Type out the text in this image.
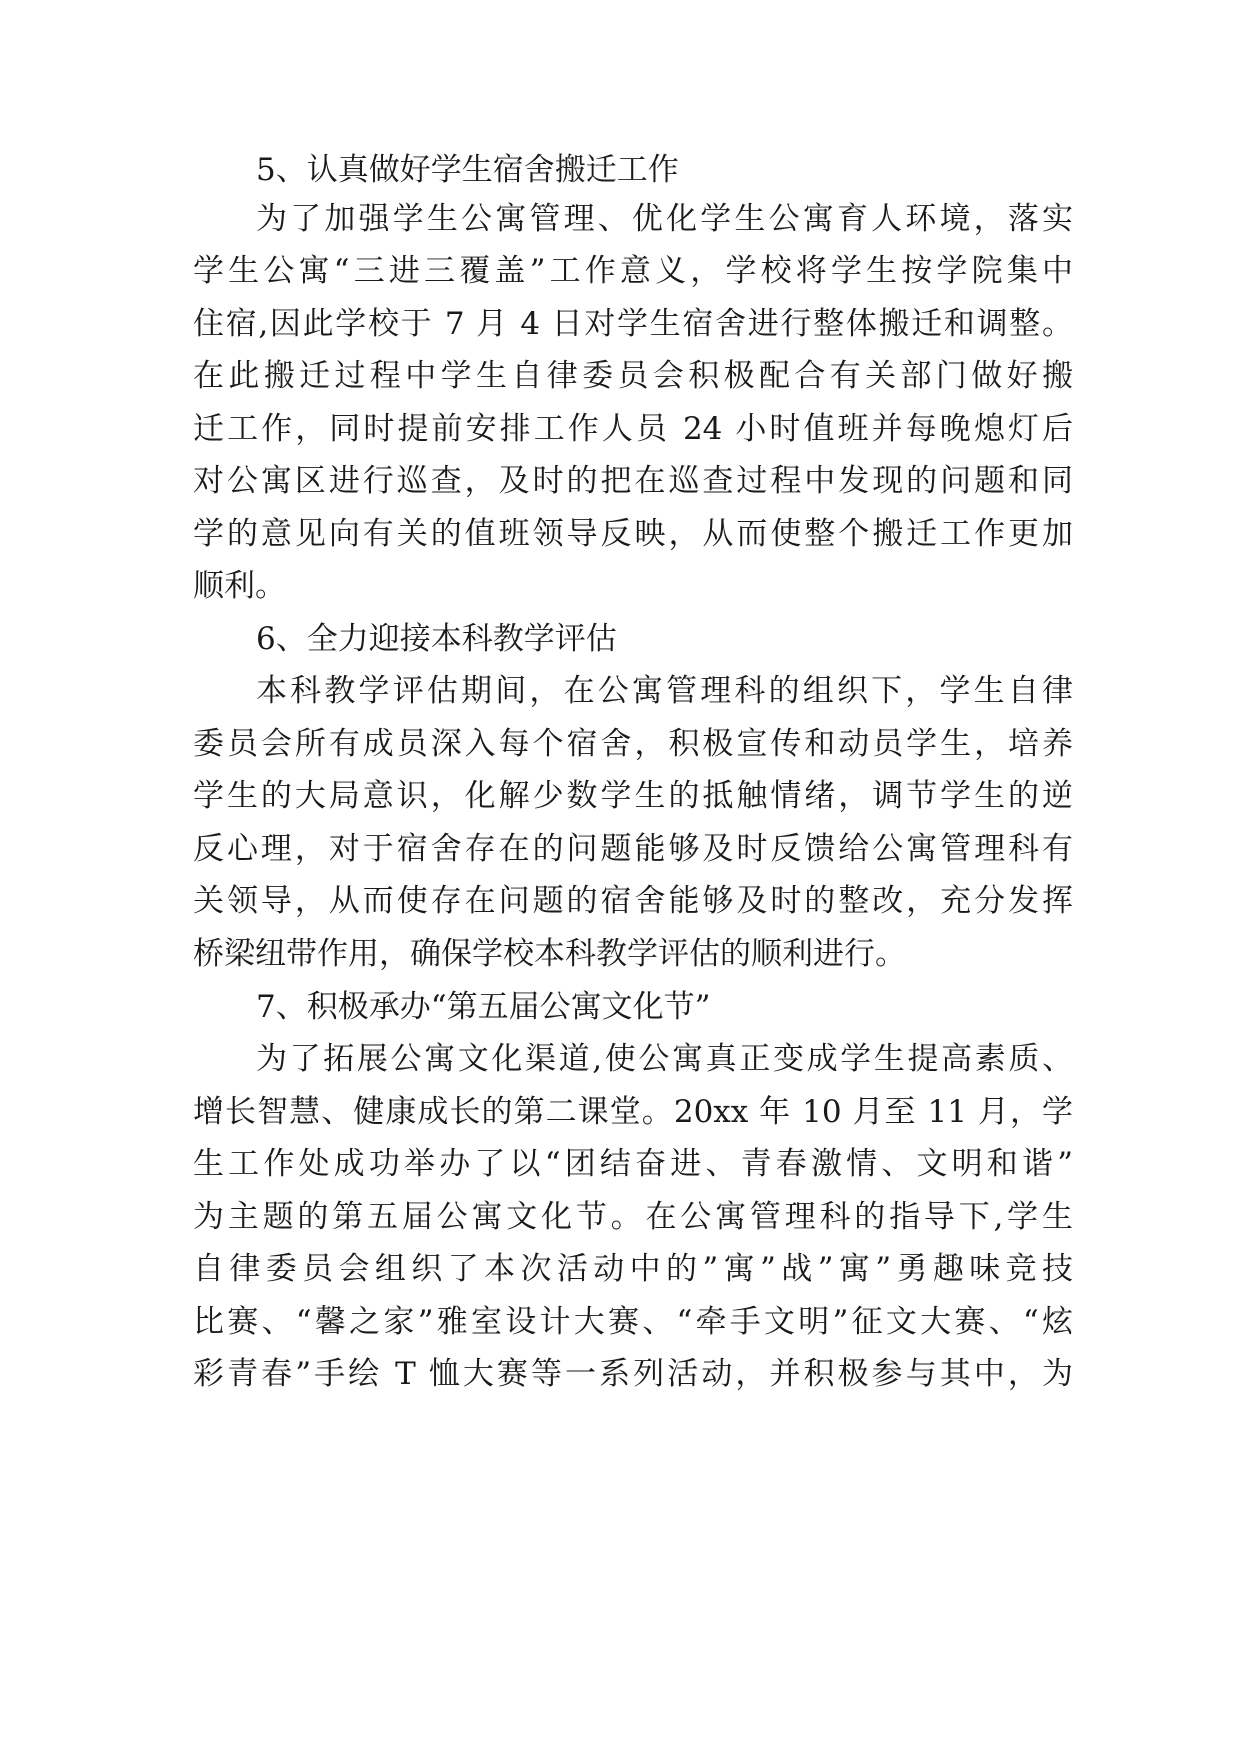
5、认真做好学生宿舍搬迁工作
为了加强学生公寓管理、优化学生公寓育人环境，落实
学生公寓“三进三覆盖”工作意义，学校将学生按学院集中
住宿,因此学校于 7 月 4 日对学生宿舍进行整体搬迁和调整。
在此搬迁过程中学生自律委员会积极配合有关部门做好搬
迁工作，同时提前安排工作人员 24 小时值班并每晚熄灯后
对公寓区进行巡查，及时的把在巡查过程中发现的问题和同
学的意见向有关的值班领导反映，从而使整个搬迁工作更加
顺利。
6、全力迎接本科教学评估
本科教学评估期间，在公寓管理科的组织下，学生自律
委员会所有成员深入每个宿舍，积极宣传和动员学生，培养
学生的大局意识，化解少数学生的抵触情绪，调节学生的逆
反心理，对于宿舍存在的问题能够及时反馈给公寓管理科有
关领导，从而使存在问题的宿舍能够及时的整改，充分发挥
桥梁纽带作用，确保学校本科教学评估的顺利进行。
7、积极承办“第五届公寓文化节”
为了拓展公寓文化渠道,使公寓真正变成学生提高素质、
增长智慧、健康成长的第二课堂。20xx 年 10 月至 11 月，学
生工作处成功举办了以“团结奋进、青春激情、文明和谐”
为主题的第五届公寓文化节。在公寓管理科的指导下,学生
自律委员会组织了本次活动中的”寓”战”寓”勇趣味竞技
比赛、“馨之家”雅室设计大赛、“牵手文明”征文大赛、“炫
彩青春”手绘 T 恤大赛等一系列活动，并积极参与其中，为
